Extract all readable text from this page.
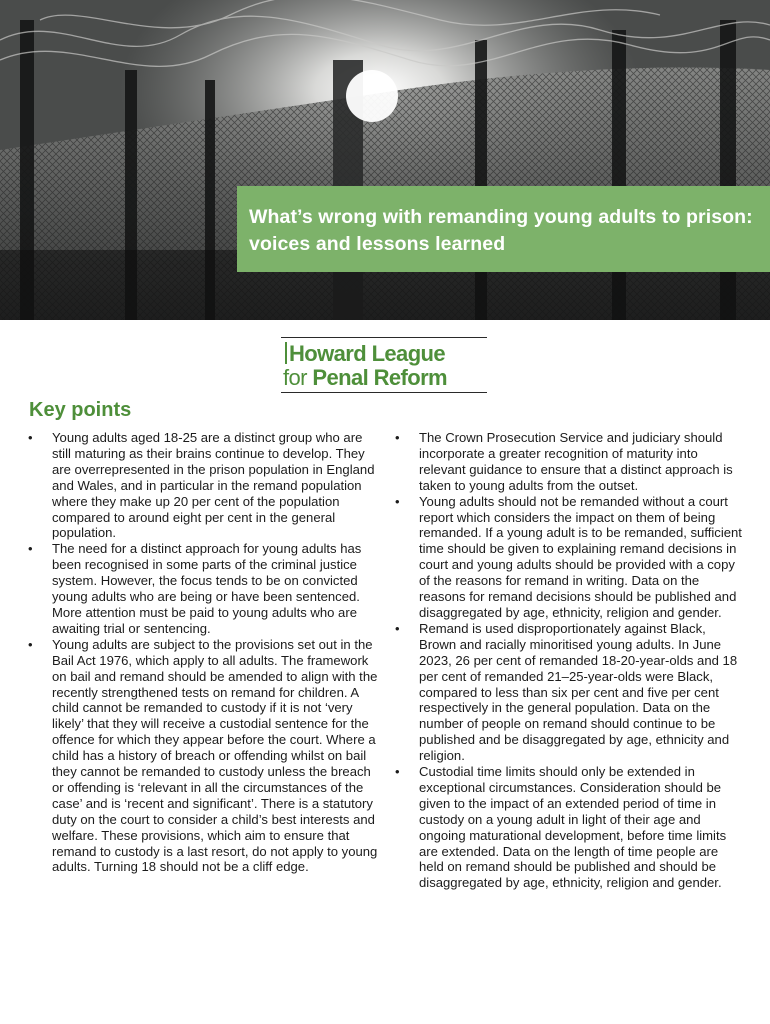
What’s wrong with remanding young adults to prison: voices and lessons learned
Howard League
for Penal Reform
Key points
• Young adults aged 18-25 are a distinct group who are still maturing as their brains continue to develop. They are overrepresented in the prison population in England and Wales, and in particular in the remand population where they make up 20 per cent of the population compared to around eight per cent in the general population.
• The need for a distinct approach for young adults has been recognised in some parts of the criminal justice system. However, the focus tends to be on convicted young adults who are being or have been sentenced. More attention must be paid to young adults who are awaiting trial or sentencing.
• Young adults are subject to the provisions set out in the Bail Act 1976, which apply to all adults. The framework on bail and remand should be amended to align with the recently strengthened tests on remand for children. A child cannot be remanded to custody if it is not ‘very likely’ that they will receive a custodial sentence for the offence for which they appear before the court. Where a child has a history of breach or offending whilst on bail they cannot be remanded to custody unless the breach or offending is ‘relevant in all the circumstances of the case’ and is ‘recent and significant’. There is a statutory duty on the court to consider a child’s best interests and welfare. These provisions, which aim to ensure that remand to custody is a last resort, do not apply to young adults. Turning 18 should not be a cliff edge.
• The Crown Prosecution Service and judiciary should incorporate a greater recognition of maturity into relevant guidance to ensure that a distinct approach is taken to young adults from the outset.
• Young adults should not be remanded without a court report which considers the impact on them of being remanded. If a young adult is to be remanded, sufficient time should be given to explaining remand decisions in court and young adults should be provided with a copy of the reasons for remand in writing. Data on the reasons for remand decisions should be published and disaggregated by age, ethnicity, religion and gender.
• Remand is used disproportionately against Black, Brown and racially minoritised young adults. In June 2023, 26 per cent of remanded 18-20-year-olds and 18 per cent of remanded 21–25-year-olds were Black, compared to less than six per cent and five per cent respectively in the general population. Data on the number of people on remand should continue to be published and be disaggregated by age, ethnicity and religion.
• Custodial time limits should only be extended in exceptional circumstances. Consideration should be given to the impact of an extended period of time in custody on a young adult in light of their age and ongoing maturational development, before time limits are extended. Data on the length of time people are held on remand should be published and should be disaggregated by age, ethnicity, religion and gender.
